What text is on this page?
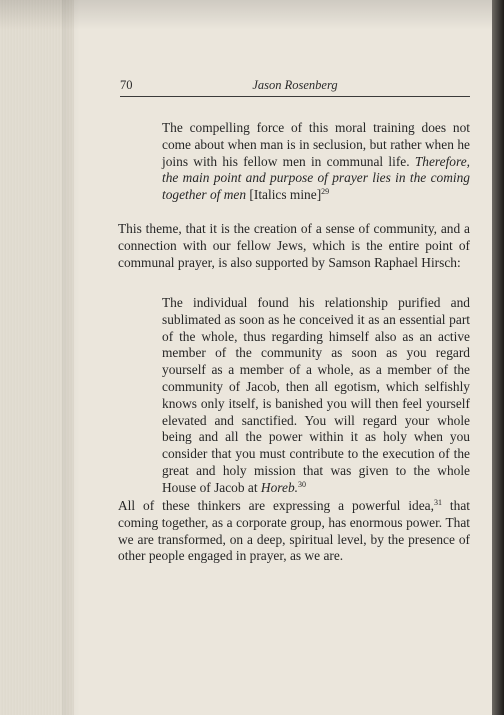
70	Jason Rosenberg

The compelling force of this moral training does not come about when man is in seclusion, but rather when he joins with his fellow men in communal life. Therefore, the main point and purpose of prayer lies in the coming together of men [Italics mine]$^{29}$

This theme, that it is the creation of a sense of community, and a connection with our fellow Jews, which is the entire point of communal prayer, is also supported by Samson Raphael Hirsch:

The individual found his relationship purified and sublimated as soon as he conceived it as an essential part of the whole, thus regarding himself also as an active member of the community as soon as you regard yourself as a member of a whole, as a member of the community of Jacob, then all egotism, which selfishly knows only itself, is banished you will then feel yourself elevated and sanctified. You will regard your whole being and all the power within it as holy when you consider that you must contribute to the execution of the great and holy mission that was given to the whole House of Jacob at Horeb.$^{30}$

All of these thinkers are expressing a powerful idea,$^{31}$ that coming together, as a corporate group, has enormous power. That we are transformed, on a deep, spiritual level, by the presence of other people engaged in prayer, as we are.
